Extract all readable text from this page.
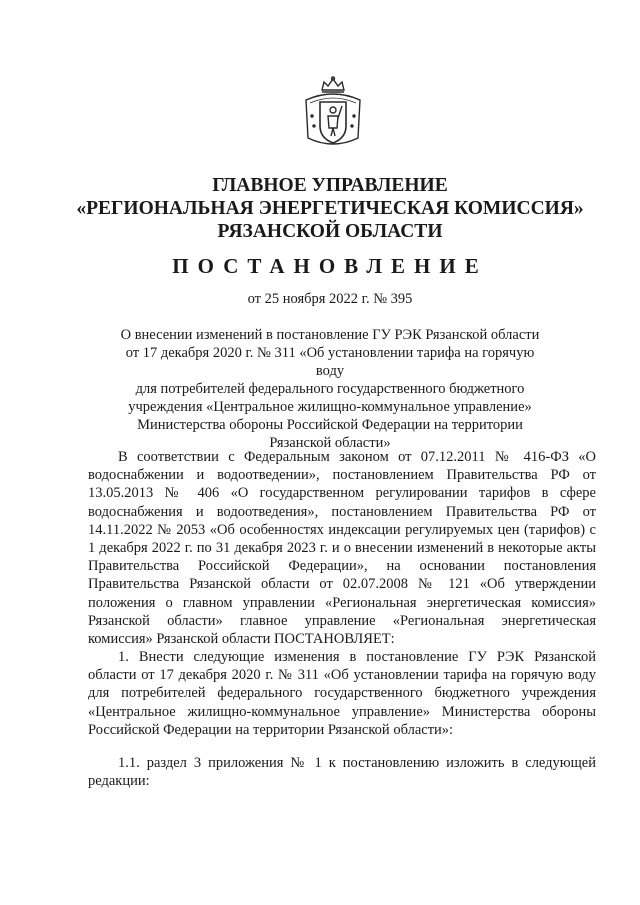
ГЛАВНОЕ УПРАВЛЕНИЕ
«РЕГИОНАЛЬНАЯ ЭНЕРГЕТИЧЕСКАЯ КОМИССИЯ»
РЯЗАНСКОЙ ОБЛАСТИ
ПОСТАНОВЛЕНИЕ
от 25 ноября 2022 г. № 395
О внесении изменений в постановление ГУ РЭК Рязанской области
от 17 декабря 2020 г. № 311 «Об установлении тарифа на горячую воду
для потребителей федерального государственного бюджетного
учреждения «Центральное жилищно-коммунальное управление»
Министерства обороны Российской Федерации на территории
Рязанской области»

В соответствии с Федеральным законом от 07.12.2011 № 416-ФЗ «О водоснабжении и водоотведении», постановлением Правительства РФ от 13.05.2013 № 406 «О государственном регулировании тарифов в сфере водоснабжения и водоотведения», постановлением Правительства РФ от 14.11.2022 № 2053 «Об особенностях индексации регулируемых цен (тарифов) с 1 декабря 2022 г. по 31 декабря 2023 г. и о внесении изменений в некоторые акты Правительства Российской Федерации», на основании постановления Правительства Рязанской области от 02.07.2008 № 121 «Об утверждении положения о главном управлении «Региональная энергетическая комиссия» Рязанской области» главное управление «Региональная энергетическая комиссия» Рязанской области ПОСТАНОВЛЯЕТ:

1. Внести следующие изменения в постановление ГУ РЭК Рязанской области от 17 декабря 2020 г. № 311 «Об установлении тарифа на горячую воду для потребителей федерального государственного бюджетного учреждения «Центральное жилищно-коммунальное управление» Министерства обороны Российской Федерации на территории Рязанской области»:

1.1. раздел 3 приложения № 1 к постановлению изложить в следующей редакции:
